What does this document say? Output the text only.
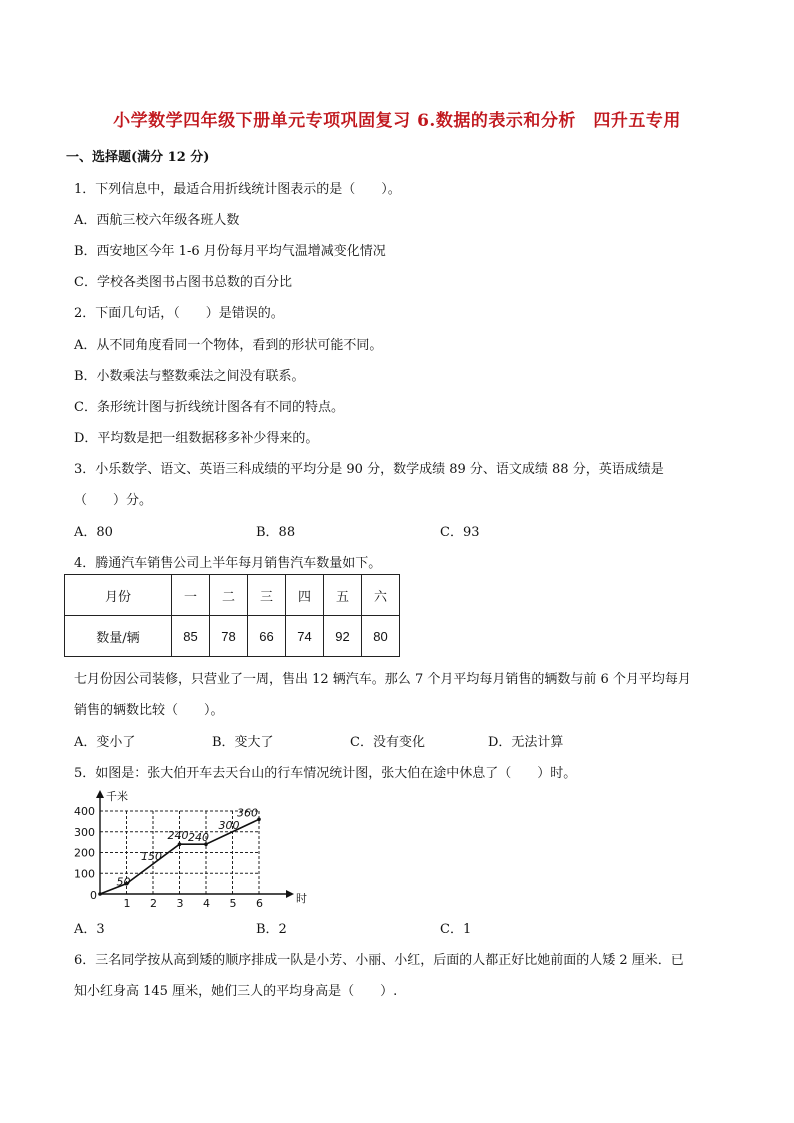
小学数学四年级下册单元专项巩固复习 6.数据的表示和分析　四升五专用
一、选择题(满分 12 分)
1．下列信息中，最适合用折线统计图表示的是（　　）。
A．西航三校六年级各班人数
B．西安地区今年 1-6 月份每月平均气温增减变化情况
C．学校各类图书占图书总数的百分比
2．下面几句话，（　　）是错误的。
A．从不同角度看同一个物体，看到的形状可能不同。
B．小数乘法与整数乘法之间没有联系。
C．条形统计图与折线统计图各有不同的特点。
D．平均数是把一组数据移多补少得来的。
3．小乐数学、语文、英语三科成绩的平均分是 90 分，数学成绩 89 分、语文成绩 88 分，英语成绩是
（　　）分。
A．80	B．88	C．93
4．腾通汽车销售公司上半年每月销售汽车数量如下。
月份	一	二	三	四	五	六
数量/辆	85	78	66	74	92	80
七月份因公司装修，只营业了一周，售出 12 辆汽车。那么 7 个月平均每月销售的辆数与前 6 个月平均每月
销售的辆数比较（　　）。
A．变小了	B．变大了	C．没有变化	D．无法计算
5．如图是：张大伯开车去天台山的行车情况统计图，张大伯在途中休息了（　　）时。
0
1 2 3 4 5 6
100
200
300
400
千米
时
50
150
240 240
300
360
A．3	B．2	C．1
6．三名同学按从高到矮的顺序排成一队是小芳、小丽、小红，后面的人都正好比她前面的人矮 2 厘米．已
知小红身高 145 厘米，她们三人的平均身高是（　　）.
